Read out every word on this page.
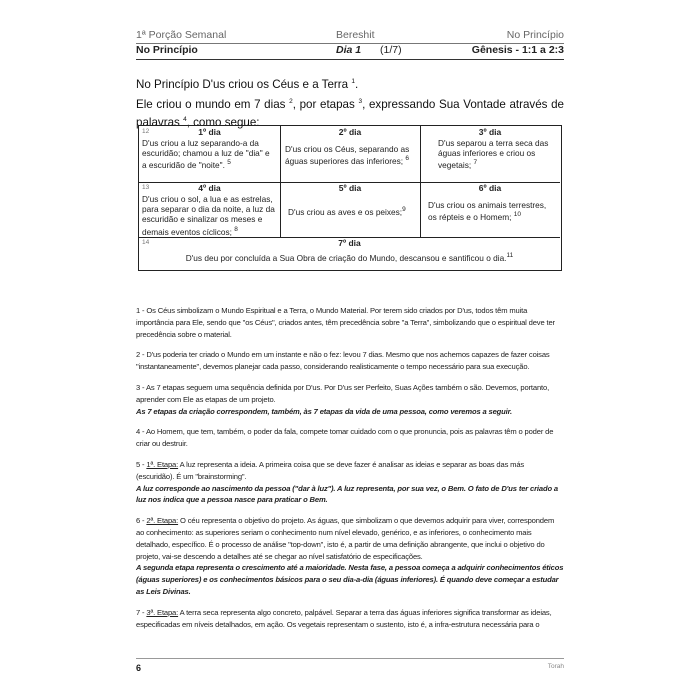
1ª Porção Semanal	Bereshit	No Princípio
No Princípio	Dia 1 (1/7)	Gênesis - 1:1 a 2:3
No Princípio D'us criou os Céus e a Terra $^1$.
Ele criou o mundo em 7 dias $^2$, por etapas $^3$, expressando Sua Vontade através de palavras $^4$, como segue:
12	1º dia
D'us criou a luz separando-a da escuridão; chamou a luz de "dia" e a escuridão de "noite". $^5$
2º dia
D'us criou os Céus, separando as águas superiores das inferiores; $^6$
3º dia
D'us separou a terra seca das águas inferiores e criou os vegetais; $^7$
13	4º dia
D'us criou o sol, a lua e as estrelas, para separar o dia da noite, a luz da escuridão e sinalizar os meses e demais eventos cíclicos; $^8$
5º dia
D'us criou as aves e os peixes;$^9$
6º dia
D'us criou os animais terrestres, os répteis e o Homem; $^{10}$
14	7º dia
D'us deu por concluída a Sua Obra de criação do Mundo, descansou e santificou o dia.$^{11}$

1 - Os Céus simbolizam o Mundo Espiritual e a Terra, o Mundo Material. Por terem sido criados por D'us, todos têm muita importância para Ele, sendo que "os Céus", criados antes, têm precedência sobre "a Terra", simbolizando que o espiritual deve ter precedência sobre o material.

2 - D'us poderia ter criado o Mundo em um instante e não o fez: levou 7 dias. Mesmo que nos achemos capazes de fazer coisas "instantaneamente", devemos planejar cada passo, considerando realisticamente o tempo necessário para sua execução.

3 - As 7 etapas seguem uma sequência definida por D'us. Por D'us ser Perfeito, Suas Ações também o são. Devemos, portanto, aprender com Ele as etapas de um projeto.
As 7 etapas da criação correspondem, também, às 7 etapas da vida de uma pessoa, como veremos a seguir.

4 - Ao Homem, que tem, também, o poder da fala, compete tomar cuidado com o que pronuncia, pois as palavras têm o poder de criar ou destruir.

5 - 1ª. Etapa: A luz representa a ideia. A primeira coisa que se deve fazer é analisar as ideias e separar as boas das más (escuridão). É um "brainstorming".
A luz corresponde ao nascimento da pessoa ("dar à luz"). A luz representa, por sua vez, o Bem. O fato de D'us ter criado a luz nos indica que a pessoa nasce para praticar o Bem.

6 - 2ª. Etapa: O céu representa o objetivo do projeto. As águas, que simbolizam o que devemos adquirir para viver, correspondem ao conhecimento: as superiores seriam o conhecimento num nível elevado, genérico, e as inferiores, o conhecimento mais detalhado, específico. É o processo de análise "top-down", isto é, a partir de uma definição abrangente, que inclui o objetivo do projeto, vai-se descendo a detalhes até se chegar ao nível satisfatório de especificações.
A segunda etapa representa o crescimento até a maioridade. Nesta fase, a pessoa começa a adquirir conhecimentos éticos (águas superiores) e os conhecimentos básicos para o seu dia-a-dia (águas inferiores). É quando deve começar a estudar as Leis Divinas.

7 - 3ª. Etapa: A terra seca representa algo concreto, palpável. Separar a terra das águas inferiores significa transformar as ideias, especificadas em níveis detalhados, em ação. Os vegetais representam o sustento, isto é, a infra-estrutura necessária para o

6	Torah
